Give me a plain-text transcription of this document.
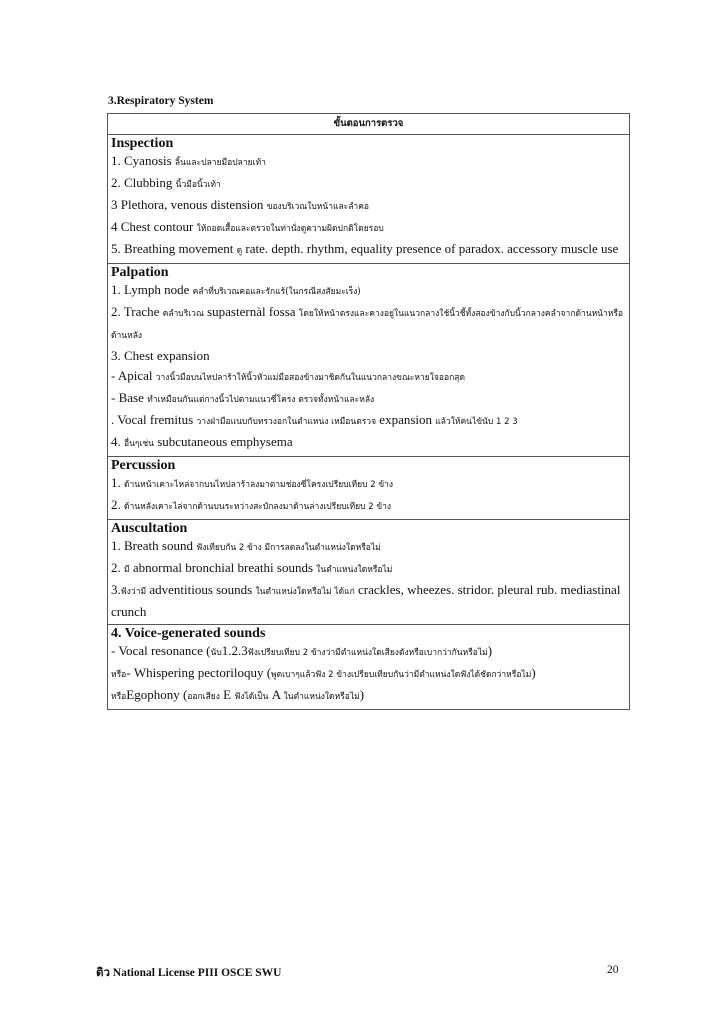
3.Respiratory System
ขั้นตอนการตรวจ

Inspection
1. Cyanosis ลิ้นและปลายมือปลายเท้า
2. Clubbing นิ้วมือนิ้วเท้า
3 Plethora, venous distension ของบริเวณใบหน้าและลำคอ
4 Chest contour ให้ถอดเสื้อและตรวจในท่านั่งดูความผิดปกติโดยรอบ
5. Breathing movement ดู rate. depth. rhythm, equality presence of paradox. accessory muscle use

Palpation
1. Lymph node คลำที่บริเวณคอและรักแร้(ในกรณีสงสัยมะเร็ง)
2. Trache คลำบริเวณ supasternàl fossa โดยให้หน้าตรงและคางอยู่ในแนวกลางใช้นิ้วชี้ทั้งสองข้างกับนิ้วกลางคลำจากด้านหน้าหรือด้านหลัง
3. Chest expansion
- Apical วางนิ้วมือบนไหปลาร้าให้นิ้วหัวแม่มือสองข้างมาชิดกันในแนวกลางขณะหายใจออกสุด
- Base ทำเหมือนกันแต่กางนิ้วไปตามแนวซี่โครง ตรวจทั้งหน้าและหลัง
. Vocal fremitus วางฝ่ามือแนบกับทรวงอกในตำแหน่ง เหมือนตรวจ expansion แล้วให้คนไข้นับ 1 2 3
4. อื่นๆเช่น subcutaneous emphysema

Percussion
1. ด้านหน้าเคาะไหล่จากบนไหปลาร้าลงมาตามช่องซี่โครงเปรียบเทียบ 2 ข้าง
2. ด้านหลังเคาะไล่จากด้านบนระหว่างสะบักลงมาด้านล่างเปรียบเทียบ 2 ข้าง

Auscultation
1. Breath sound ฟังเทียบกัน 2 ข้าง มีการลดลงในตำแหน่งใดหรือไม่
2. มี abnormal bronchial breathi sounds ในตำแหน่งใดหรือไม่
3.ฟังว่ามี adventitious sounds ในตำแหน่งใดหรือไม่ ได้แก่ crackles, wheezes. stridor. pleural rub. mediastinal crunch

4. Voice-generated sounds
- Vocal resonance (นับ1.2.3ฟังเปรียบเทียบ 2 ข้างว่ามีตำแหน่งใดเสียงดังหรือเบากว่ากันหรือไม่)
หรือ- Whispering pectoriloquy (พูดเบาๆแล้วฟัง 2 ข้างเปรียบเทียบกันว่ามีตำแหน่งใดฟังได้ชัดกว่าหรือไม่)
หรือEgophony (ออกเสียง E ฟังได้เป็น A ในตำแหน่งใดหรือไม่)
ติว National License PIII OSCE SWU	20
